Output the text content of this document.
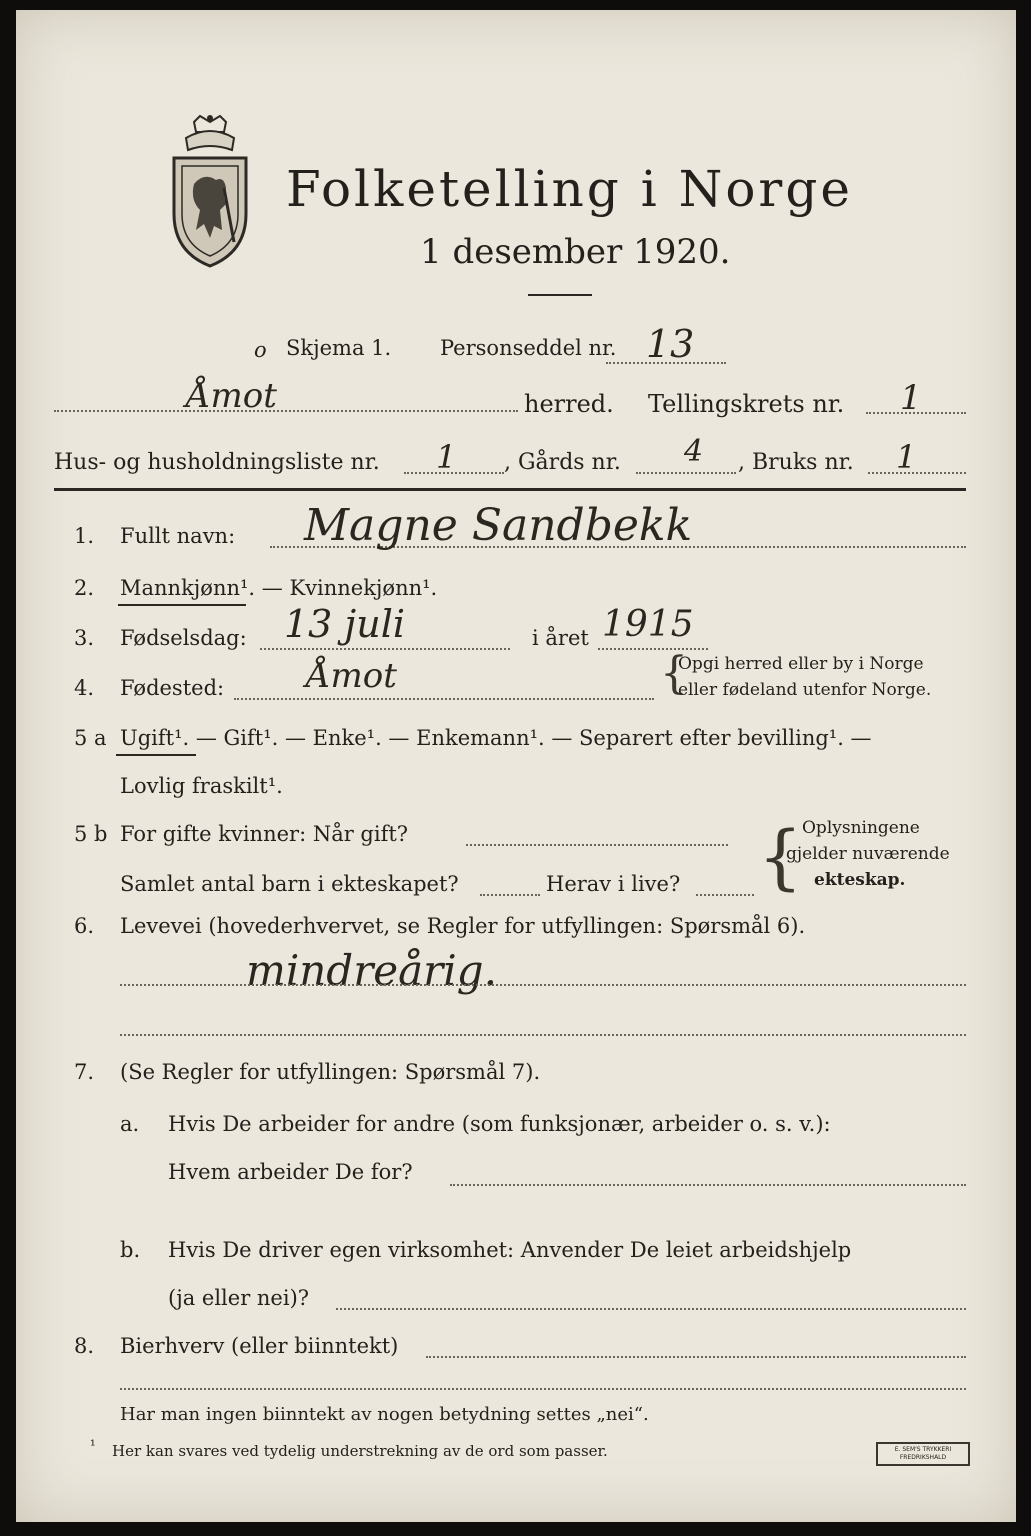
Folketelling i Norge
1 desember 1920.
o Skjema 1. Personseddel nr. 13
Åmot	herred. Tellingskrets nr. 1
Hus- og husholdningsliste nr. 1 , Gårds nr. 4 , Bruks nr. 1
1. Fullt navn: Magne Sandbekk
2. Mannkjønn¹. — Kvinnekjønn¹.
3. Fødselsdag: 13 juli	i året 1915
4. Fødested: Åmot	{
Opgi herred eller by i Norge
eller fødeland utenfor Norge.
5 a Ugift¹. — Gift¹. — Enke¹. — Enkemann¹. — Separert efter bevilling¹. —
Lovlig fraskilt¹.
5 b For gifte kvinner: Når gift?
Samlet antal barn i ekteskapet?	Herav i live? { Oplysningene
gjelder nuværende
ekteskap.
6. Levevei (hovederhvervet, se Regler for utfyllingen: Spørsmål 6).
mindreårig.
7. (Se Regler for utfyllingen: Spørsmål 7).
a. Hvis De arbeider for andre (som funksjonær, arbeider o. s. v.):
Hvem arbeider De for?
b. Hvis De driver egen virksomhet: Anvender De leiet arbeidshjelp
(ja eller nei)?
8. Bierhverv (eller biinntekt)
Har man ingen biinntekt av nogen betydning settes „nei“.
¹ Her kan svares ved tydelig understrekning av de ord som passer.	E. SEM'S TRYKKERI FREDRIKSHALD
